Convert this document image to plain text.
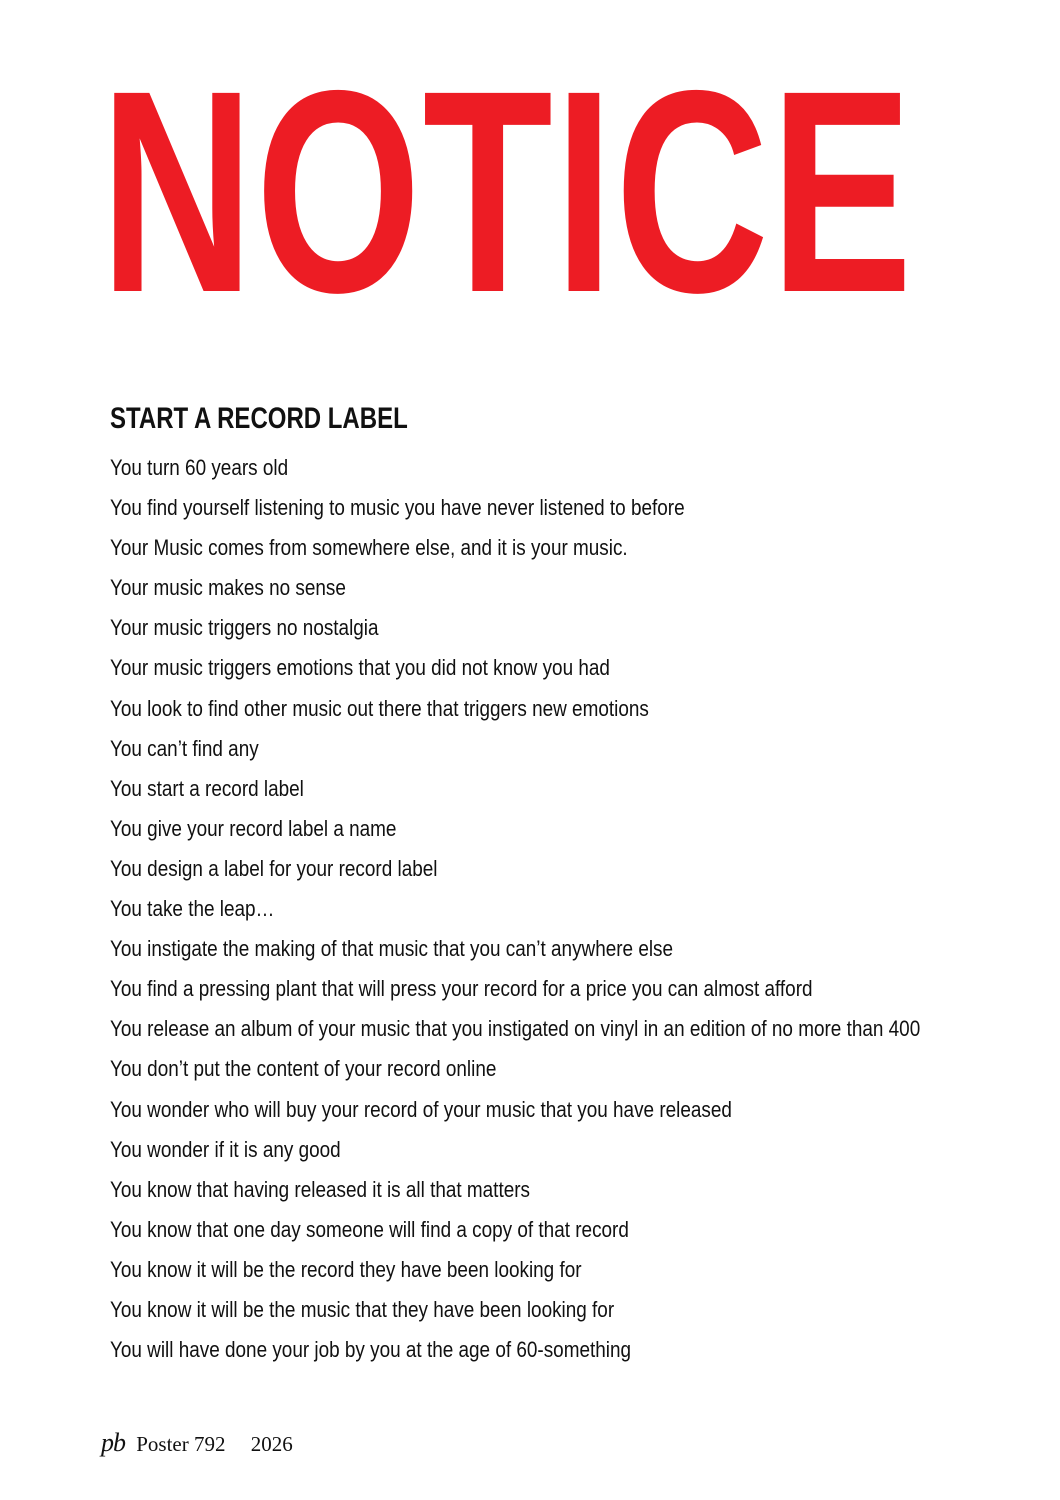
NOTICE
START A RECORD LABEL
You turn 60 years old
You find yourself listening to music you have never listened to before
Your Music comes from somewhere else, and it is your music.
Your music makes no sense
Your music triggers no nostalgia
Your music triggers emotions that you did not know you had
You look to find other music out there that triggers new emotions
You can’t find any
You start a record label
You give your record label a name
You design a label for your record label
You take the leap…
You instigate the making of that music that you can’t anywhere else
You find a pressing plant that will press your record for a price you can almost afford
You release an album of your music that you instigated on vinyl in an edition of no more than 400
You don’t put the content of your record online
You wonder who will buy your record of your music that you have released
You wonder if it is any good
You know that having released it is all that matters
You know that one day someone will find a copy of that record
You know it will be the record they have been looking for
You know it will be the music that they have been looking for
You will have done your job by you at the age of 60-something
pb Poster 792 2026
